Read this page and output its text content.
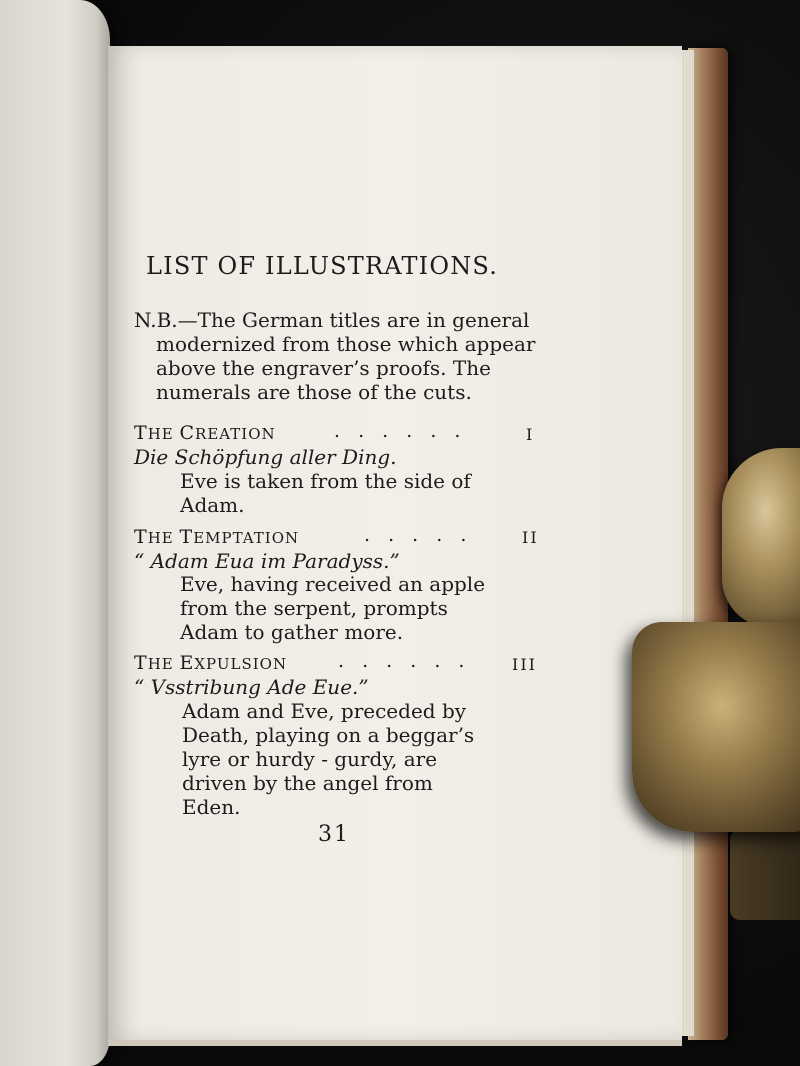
LIST OF ILLUSTRATIONS.
N.B.—The German titles are in general
modernized from those which appear
above the engraver’s proofs. The
numerals are those of the cuts.
THE CREATION	. . . . . .	I
Die Schöpfung aller Ding.
Eve is taken from the side of
Adam.
THE TEMPTATION	. . . . .	II
“ Adam Eua im Paradyss.”
Eve, having received an apple
from the serpent, prompts
Adam to gather more.
THE EXPULSION	. . . . . .	III
“ Vsstribung Ade Eue.”
Adam and Eve, preceded by
Death, playing on a beggar’s
lyre or hurdy - gurdy, are
driven by the angel from
Eden.
31
